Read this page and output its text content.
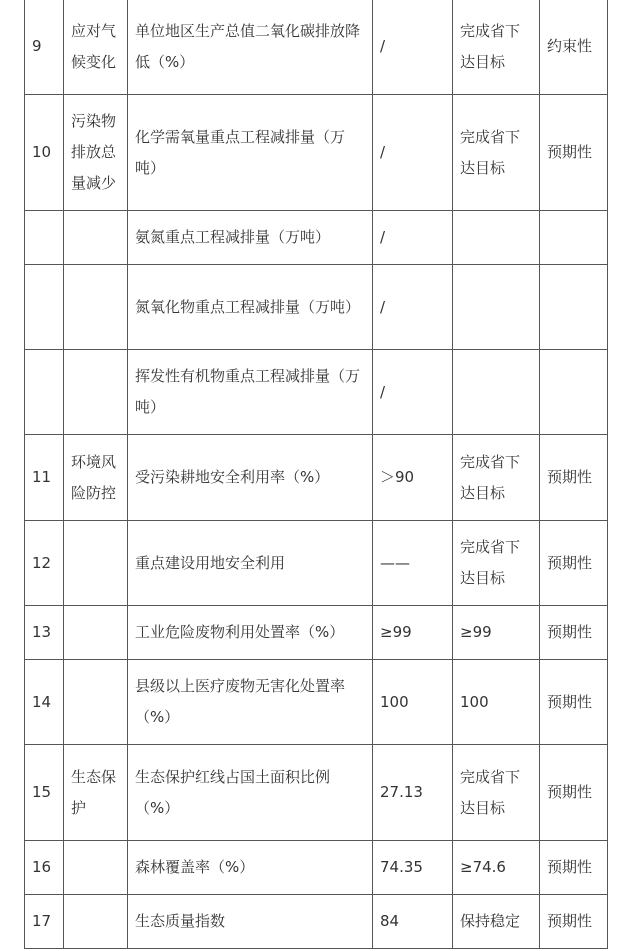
9	应对气候变化	单位地区生产总值二氧化碳排放降低（%）	/	完成省下达目标	约束性
10	污染物排放总量减少	化学需氧量重点工程减排量（万吨）	/	完成省下达目标	预期性
		氨氮重点工程减排量（万吨）	/		
		氮氧化物重点工程减排量（万吨）	/		
		挥发性有机物重点工程减排量（万吨）	/		
11	环境风险防控	受污染耕地安全利用率（%）	＞90	完成省下达目标	预期性
12		重点建设用地安全利用	——	完成省下达目标	预期性
13		工业危险废物利用处置率（%）	≥99	≥99	预期性
14		县级以上医疗废物无害化处置率（%）	100	100	预期性
15	生态保护	生态保护红线占国土面积比例（%）	27.13	完成省下达目标	预期性
16		森林覆盖率（%）	74.35	≥74.6	预期性
17		生态质量指数	84	保持稳定	预期性
